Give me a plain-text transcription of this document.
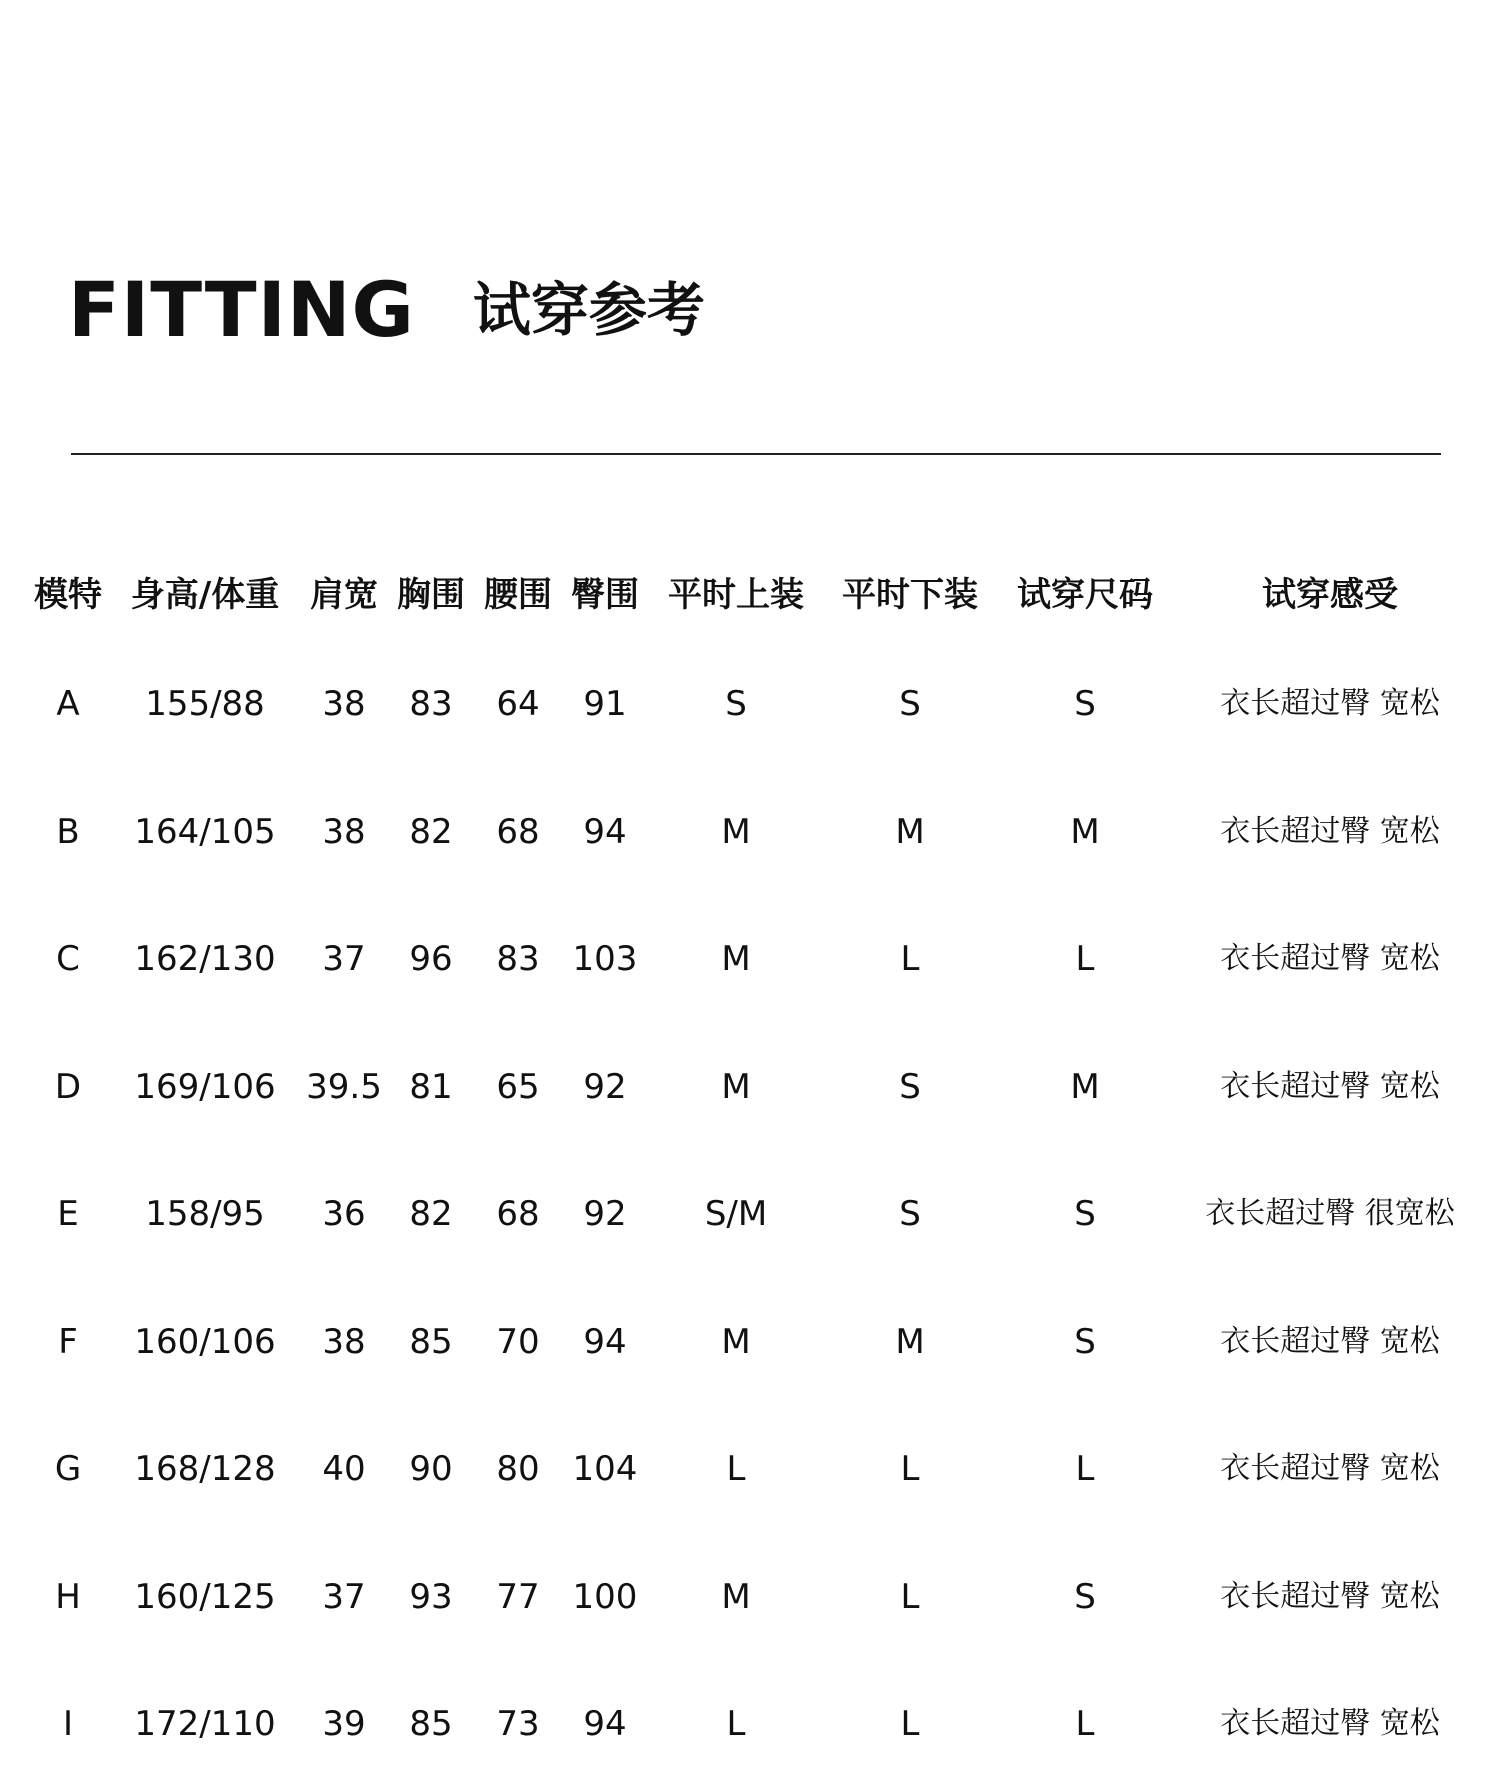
FITTING 试穿参考
模特 身高/体重 肩宽 胸围 腰围 臀围 平时上装 平时下装 试穿尺码	试穿感受
A 155/88 38 83 64 91	S	S	S	衣长超过臀 宽松
B 164/105 38 82 68 94	M	M	M	衣长超过臀 宽松
C 162/130 37 96 83 103 M	L	L	衣长超过臀 宽松
D 169/106 39.5 81 65 92	M	S	M	衣长超过臀 宽松
E 158/95 36 82 68 92 S/M	S	S	衣长超过臀 很宽松
F 160/106 38 85 70 94	M	M	S	衣长超过臀 宽松
G 168/128 40 90 80 104	L	L	L	衣长超过臀 宽松
H 160/125 37 93 77 100 M	L	S	衣长超过臀 宽松
I 172/110 39 85 73 94	L	L	L	衣长超过臀 宽松
